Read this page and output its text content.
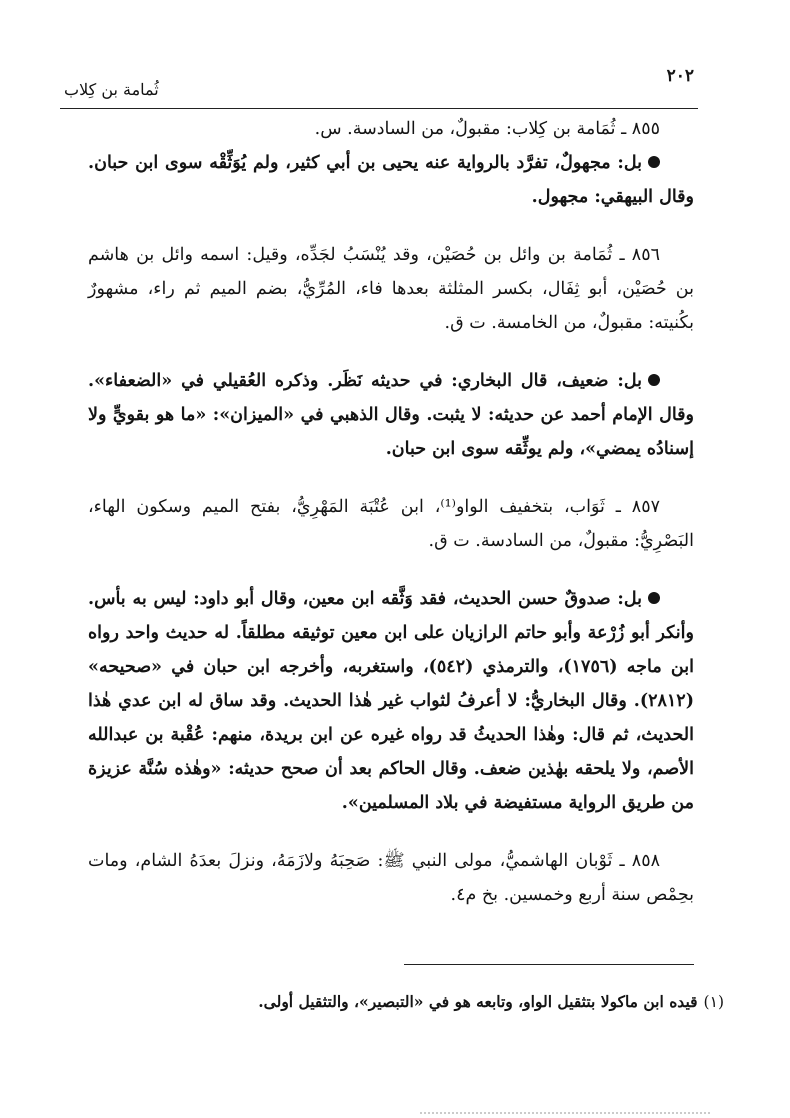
٢٠٢
ثُمامة بن كِلاب

٨٥٥ ـ ثُمَامة بن كِلاب: مقبولٌ، من السادسة. س.

بل: مجهولٌ، تفرَّد بالرواية عنه يحيى بن أبي كثير، ولم يُوَثِّقْه سوى ابن حبان. وقال البيهقي: مجهول.

٨٥٦ ـ ثُمَامة بن وائل بن حُصَيْن، وقد يُنْسَبُ لجَدِّه، وقيل: اسمه وائل بن هاشم بن حُصَيْن، أبو ثِفَال، بكسر المثلثة بعدها فاء، المُرِّيُّ، بضم الميم ثم راء، مشهورٌ بكُنيته: مقبولٌ، من الخامسة. ت ق.

بل: ضعيف، قال البخاري: في حديثه نَظَر. وذكره العُقيلي في «الضعفاء». وقال الإمام أحمد عن حديثه: لا يثبت. وقال الذهبي في «الميزان»: «ما هو بقويٍّ ولا إسنادُه يمضي»، ولم يوثِّقه سوى ابن حبان.

٨٥٧ ـ ثَوَاب، بتخفيف الواو⁽¹⁾، ابن عُتْبَة المَهْرِيُّ، بفتح الميم وسكون الهاء، البَصْرِيُّ: مقبولٌ، من السادسة. ت ق.

بل: صدوقٌ حسن الحديث، فقد وَثَّقه ابن معين، وقال أبو داود: ليس به بأس. وأنكر أبو زُرْعة وأبو حاتم الرازيان على ابن معين توثيقه مطلقاً. له حديث واحد رواه ابن ماجه (١٧٥٦)، والترمذي (٥٤٢)، واستغربه، وأخرجه ابن حبان في «صحيحه» (٢٨١٢). وقال البخاريُّ: لا أعرفُ لثواب غير هٰذا الحديث. وقد ساق له ابن عدي هٰذا الحديث، ثم قال: وهٰذا الحديثُ قد رواه غيره عن ابن بريدة، منهم: عُقْبة بن عبدالله الأصم، ولا يلحقه بهٰذين ضعف. وقال الحاكم بعد أن صحح حديثه: «وهٰذه سُنَّة عزيزة من طريق الرواية مستفيضة في بلاد المسلمين».

٨٥٨ ـ ثَوْبان الهاشميُّ، مولى النبي ﷺ: صَحِبَهُ ولازَمَهُ، ونزلَ بعدَهُ الشام، ومات بحِمْص سنة أربع وخمسين. بخ م٤.

(١)قيده ابن ماكولا بتثقيل الواو، وتابعه هو في «التبصير»، والتثقيل أولى.
